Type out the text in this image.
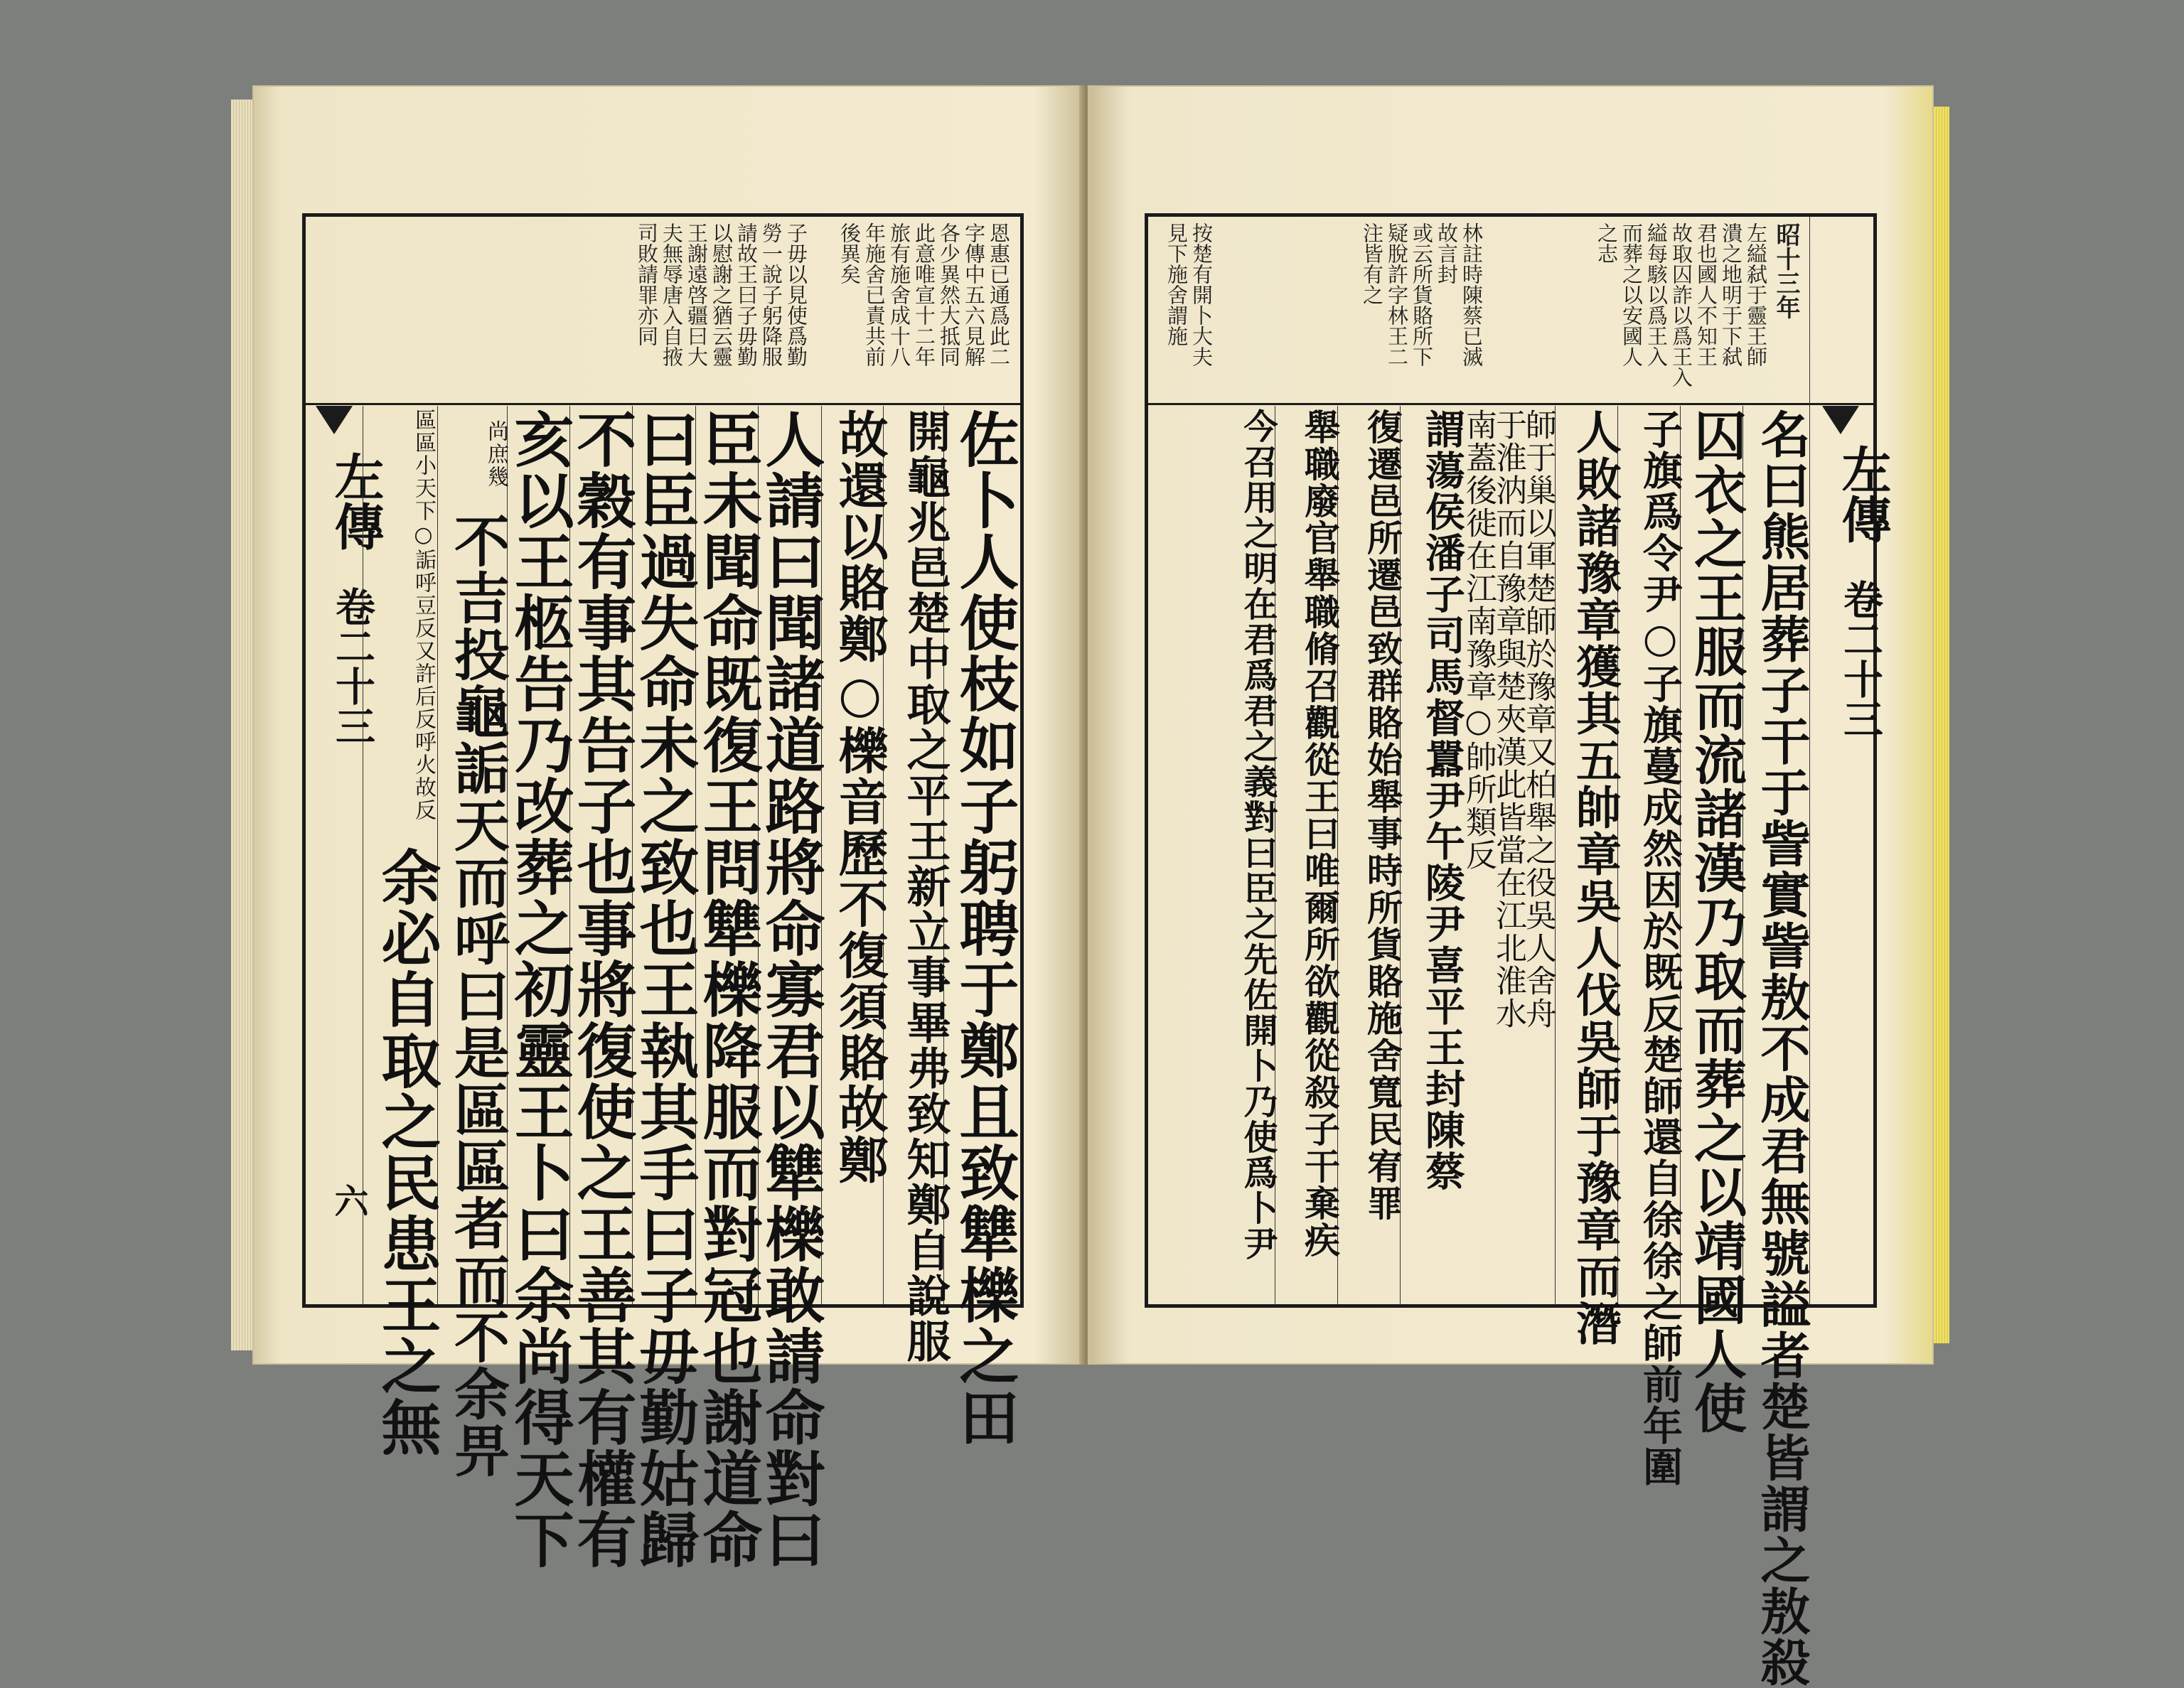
恩惠已通爲此二
字傳中五六見解
各少異然大抵同
此意唯宣十二年
旅有施舍成十八
年施舍已責共前
後異矣
子毋以見使爲勤
勞一說子躬降服
請故王曰子毋勤
以慰謝之猶云靈
王謝遠啓疆曰大
夫無辱唐入自掖
司敗請罪亦同
左傳
卷二十三
六	佐卜人使枝如子躬聘于鄭且致犨櫟之田
開龜兆邑楚中取之平王新立事畢弗致知鄭自說服
故還以賂鄭○櫟音歷不復須賂故鄭
人請曰聞諸道路將命寡君以犨櫟敢請命對曰
臣未聞命既復王問犨櫟降服而對冠也謝道命
曰臣過失命未之致也王執其手曰子毋勤姑歸
不穀有事其告子也事將復使之王善其有權有
亥以王柩告乃改葬之初靈王卜曰余尚得天下
尚庶幾
不吉投龜詬天而呼曰是區區者而不余畀
區區小天下○詬呼豆反又許后反呼火故反
余必自取之民患王之無
昭十三年
左縊弑于靈王師
潰之地明于下弑
君也國人不知王
故取囚詐以爲王入
縊每駭以爲王入
而葬之以安國人
之志
林註時陳蔡已滅
故言封
或云所貨賂所下
疑脫許字林王二
注皆有之
按楚有開卜大夫
見下施舍謂施
左傳
卷二十三
名曰熊居葬子干于訾實訾敖不成君無號謚者楚皆謂之敖殺
囚衣之王服而流諸漢乃取而葬之以靖國人使
子旗爲令尹○子旗蔓成然因於既反楚師還自徐徐之師前年圍
人敗諸豫章獲其五帥章吳人伐吳師于豫章而潛
師于巢以軍楚師於豫章又柏舉之役吳人舍舟
于淮汭而自豫章與楚夾漢此皆當在江北淮水
南蓋後徙在江南豫章○帥所類反
謂蕩侯潘子司馬督囂尹午陵尹喜平王封陳蔡
復遷邑所遷邑致群賂始舉事時所貨賂施舍寬民宥罪
舉職廢官舉職脩召觀從王曰唯爾所欲觀從殺子干棄疾
今召用之明在君爲君之義對曰臣之先佐開卜乃使爲卜尹
